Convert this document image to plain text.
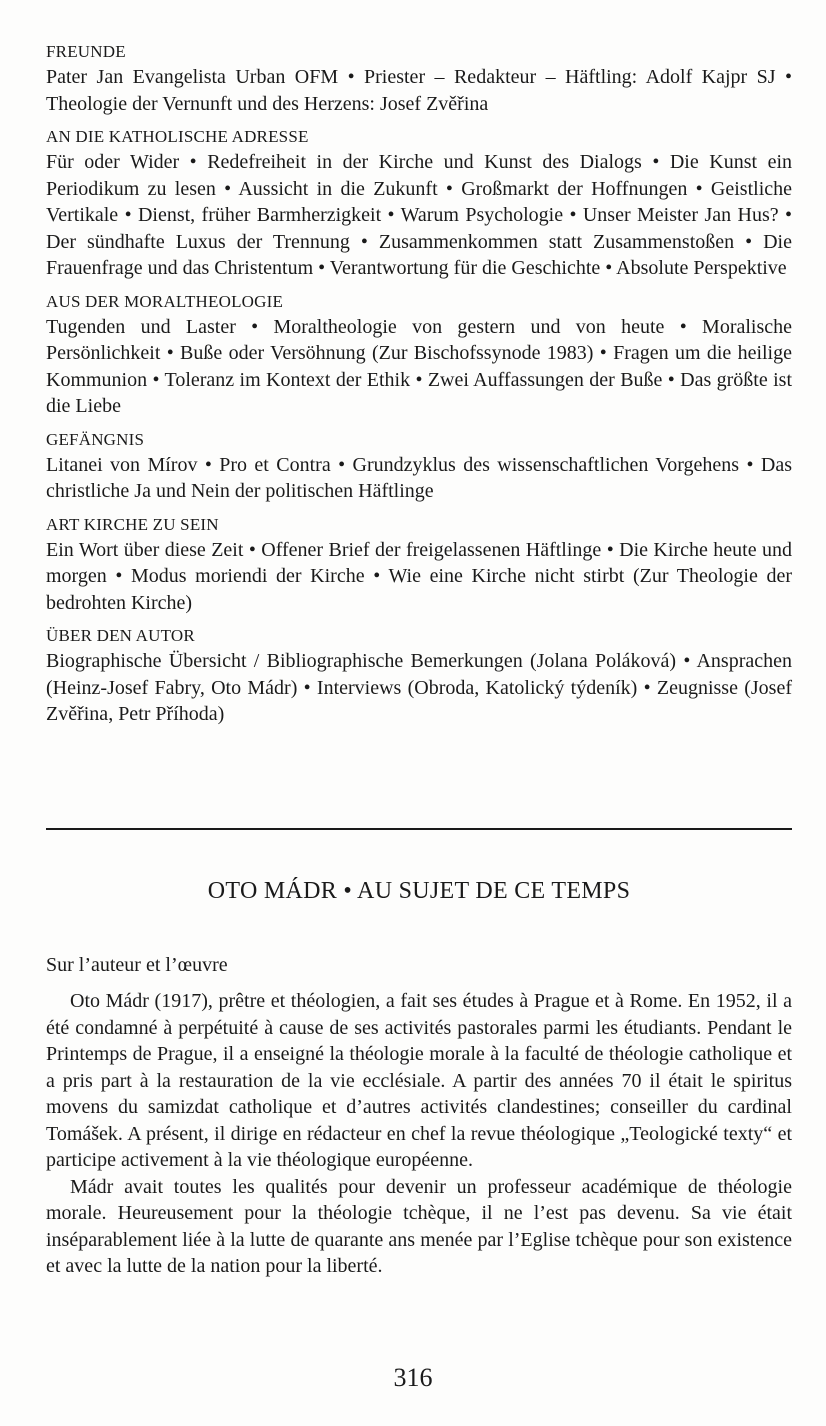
FREUNDE
Pater Jan Evangelista Urban OFM • Priester – Redakteur – Häftling: Adolf Kajpr SJ • Theologie der Vernunft und des Herzens: Josef Zvěřina
AN DIE KATHOLISCHE ADRESSE
Für oder Wider • Redefreiheit in der Kirche und Kunst des Dialogs • Die Kunst ein Periodikum zu lesen • Aussicht in die Zukunft • Großmarkt der Hoffnungen • Geistliche Vertikale • Dienst, früher Barmherzigkeit • Warum Psychologie • Unser Meister Jan Hus? • Der sündhafte Luxus der Trennung • Zusammenkommen statt Zusammenstoßen • Die Frauenfrage und das Christentum • Verantwortung für die Geschichte • Absolute Perspektive
AUS DER MORALTHEOLOGIE
Tugenden und Laster • Moraltheologie von gestern und von heute • Moralische Persönlichkeit • Buße oder Versöhnung (Zur Bischofssynode 1983) • Fragen um die heilige Kommunion • Toleranz im Kontext der Ethik • Zwei Auffassungen der Buße • Das größte ist die Liebe
GEFÄNGNIS
Litanei von Mírov • Pro et Contra • Grundzyklus des wissenschaftlichen Vorgehens • Das christliche Ja und Nein der politischen Häftlinge
ART KIRCHE ZU SEIN
Ein Wort über diese Zeit • Offener Brief der freigelassenen Häftlinge • Die Kirche heute und morgen • Modus moriendi der Kirche • Wie eine Kirche nicht stirbt (Zur Theologie der bedrohten Kirche)
ÜBER DEN AUTOR
Biographische Übersicht / Bibliographische Bemerkungen (Jolana Poláková) • Ansprachen (Heinz-Josef Fabry, Oto Mádr) • Interviews (Obroda, Katolický týdeník) • Zeugnisse (Josef Zvěřina, Petr Příhoda)
OTO MÁDR • AU SUJET DE CE TEMPS
Sur l’auteur et l’œuvre

Oto Mádr (1917), prêtre et théologien, a fait ses études à Prague et à Rome. En 1952, il a été condamné à perpétuité à cause de ses activités pastorales parmi les étudiants. Pendant le Printemps de Prague, il a enseigné la théologie morale à la faculté de théologie catholique et a pris part à la restauration de la vie ecclésiale. A partir des années 70 il était le spiritus movens du samizdat catholique et d’autres activités clandestines; conseiller du cardinal Tomášek. A présent, il dirige en rédacteur en chef la revue théologique „Teologické texty“ et participe activement à la vie théologique européenne.

Mádr avait toutes les qualités pour devenir un professeur académique de théologie morale. Heureusement pour la théologie tchèque, il ne l’est pas devenu. Sa vie était inséparablement liée à la lutte de quarante ans menée par l’Eglise tchèque pour son existence et avec la lutte de la nation pour la liberté.

316
